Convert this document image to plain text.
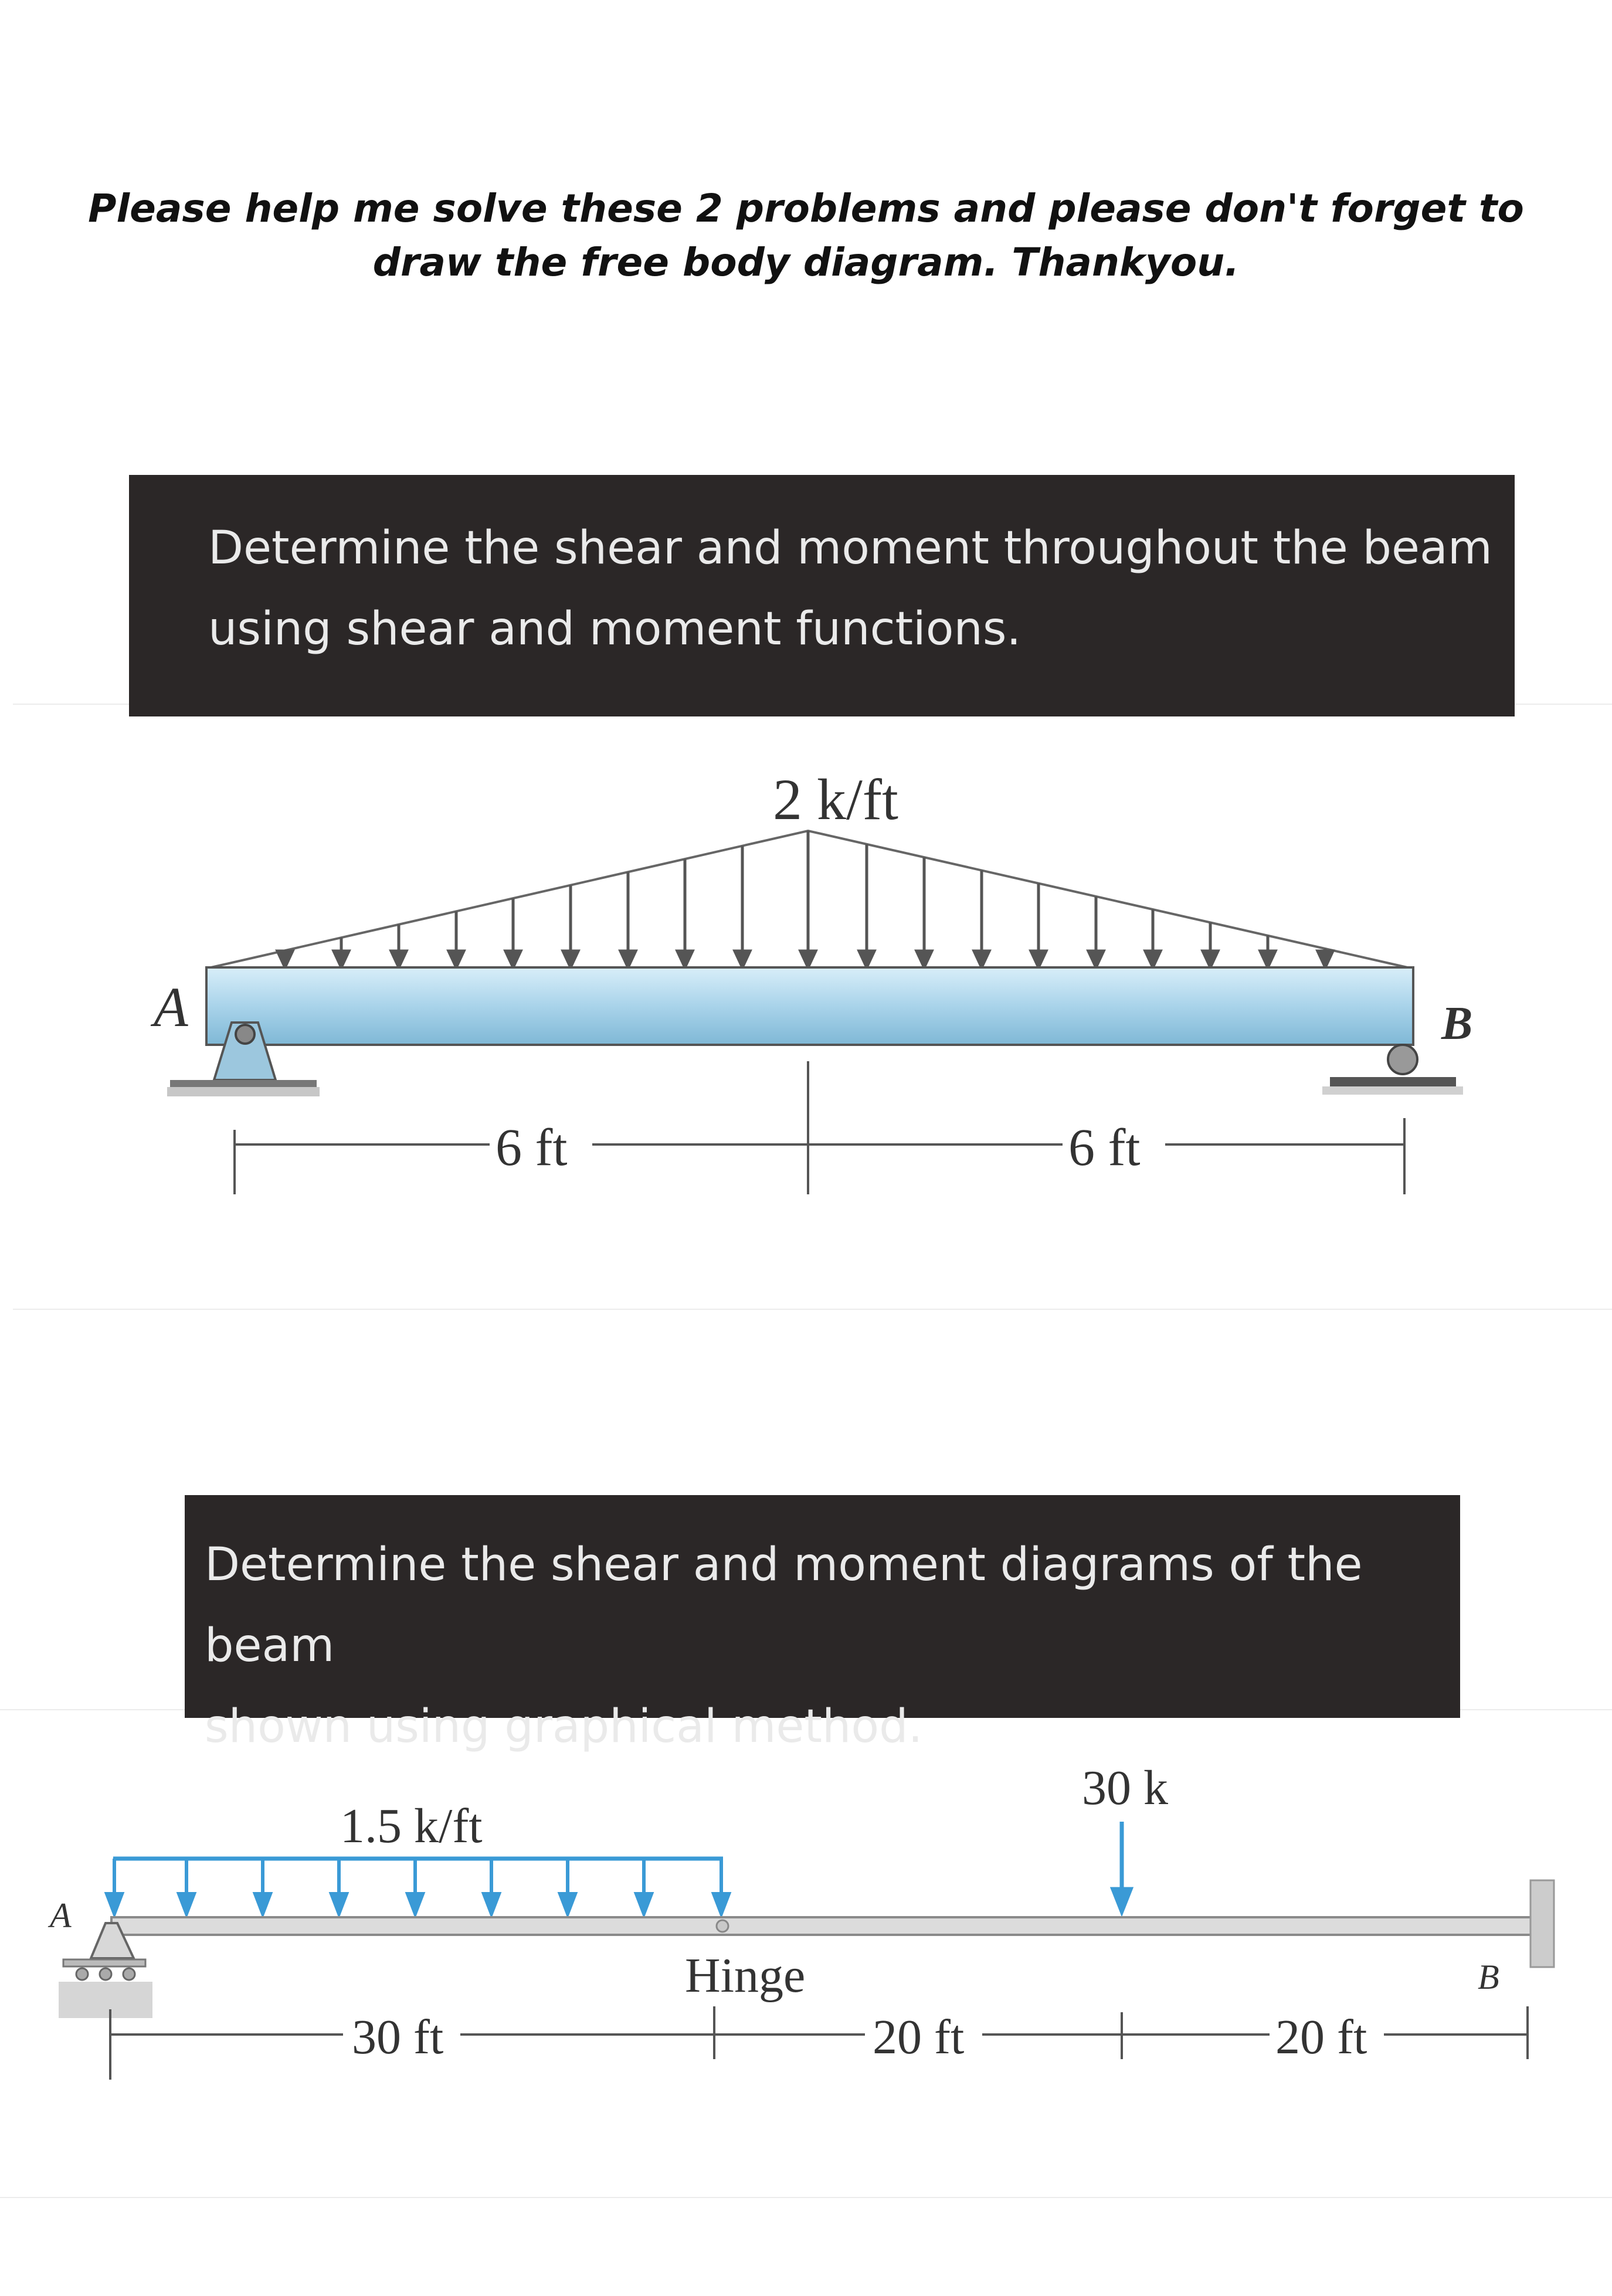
Please help me solve these 2 problems and please don't forget to
draw the free body diagram. Thankyou.
2 k/ft
A	B
6 ft	6 ft

Determine the shear and moment throughout the beam

using shear and moment functions.

1.5 k/ft
30 k
Hinge
A
B
30 ft	20 ft	20 ft

Determine the shear and moment diagrams of the beam

shown using graphical method.
